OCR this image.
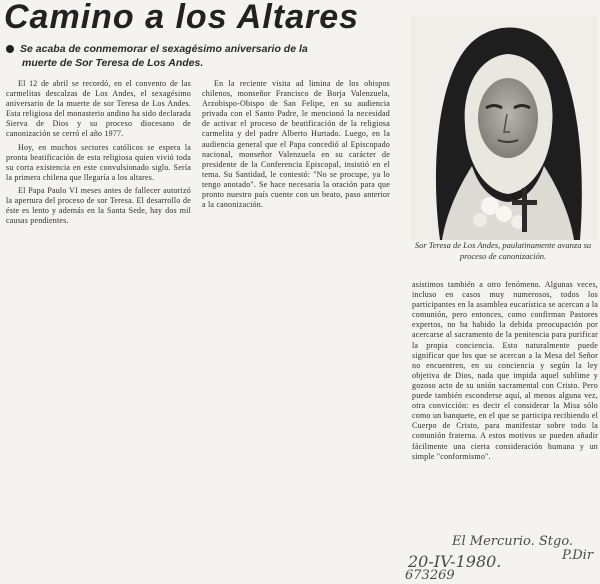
Camino a los Altares
Se acaba de conmemorar el sexagésimo aniversario de la
muerte de Sor Teresa de Los Andes.

El 12 de abril se recordó, en el convento de las carmelitas descalzas de Los Andes, el sexagésimo aniversario de la muerte de sor Teresa de Los Andes. Esta religiosa del monasterio andino ha sido declarada Sierva de Dios y su proceso diocesano de canonización se cerró el año 1977.

Hoy, en muchos sectores católicos se espera la pronta beatificación de esta religiosa quien vivió toda su corta existencia en este convulsionado siglo. Sería la primera chilena que llegaría a los altares.

El Papa Paulo VI meses antes de fallecer autorizó la apertura del proceso de sor Teresa. El desarrollo de éste es lento y además en la Santa Sede, hay dos mil causas pendientes.

En la reciente visita ad limina de los obispos chilenos, monseñor Francisco de Borja Valenzuela, Arzobispo-Obispo de San Felipe, en su audiencia privada con el Santo Padre, le mencionó la necesidad de activar el proceso de beatificación de la religiosa carmelita y del padre Alberto Hurtado. Luego, en la audiencia general que el Papa concedió al Episcopado nacional, monseñor Valenzuela en su carácter de presidente de la Conferencia Episcopal, insistió en el tema. Su Santidad, le contestó: "No se procupe, ya lo tengo anotado". Se hace necesaria la oración para que pronto nuestro país cuente con un beato, paso anterior a la canonización.

Sor Teresa de Los Andes, paulatinamente avanza su proceso de canonización.

asistimos también a otro fenómeno. Algunas veces, incluso en casos muy numerosos, todos los participantes en la asamblea eucarística se acercan a la comunión, pero entonces, como confirman Pastores expertos, no ha habido la debida preocupación por acercarse al sacramento de la penitencia para purificar la propia conciencia. Esto naturalmente puede significar que los que se acercan a la Mesa del Señor no encuentren, en su conciencia y según la ley objetiva de Dios, nada que impida aquel sublime y gozoso acto de su unión sacramental con Cristo. Pero puede también esconderse aquí, al menos alguna vez, otra convicción: es decir el considerar la Misa sólo como un banquete, en el que se participa recibiendo el Cuerpo de Cristo, para manifestar sobre todo la comunión fraterna. A estos motivos se pueden añadir fácilmente una cierta consideración humana y un simple "conformismo".

El Mercurio. Stgo.
20-IV-1980.	P.Dir
673269
